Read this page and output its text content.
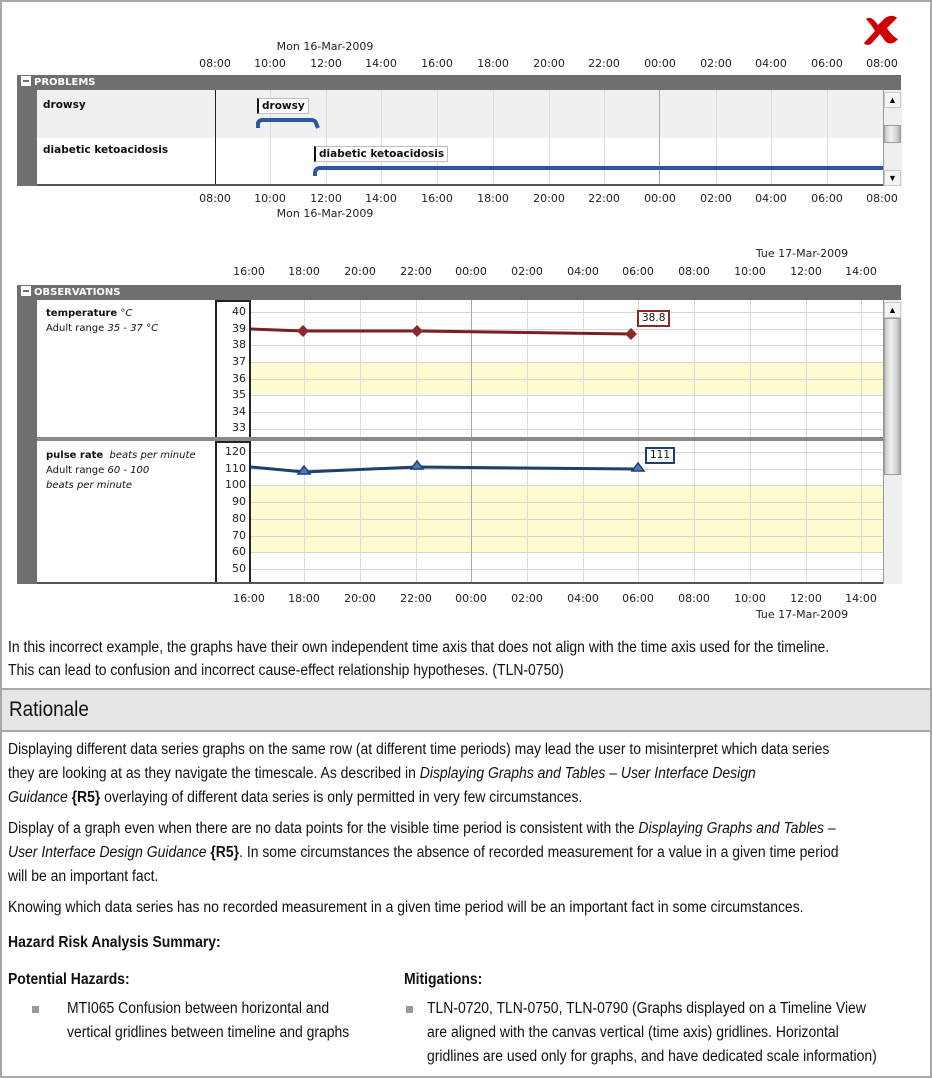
Mon 16-Mar-2009
08:00 10:00 12:00 14:00 16:00 18:00 20:00 22:00 00:00 02:00 04:00 06:00 08:00
PROBLEMS
drowsy
diabetic ketoacidosis
drowsy
diabetic ketoacidosis
▲
▼
08:00 10:00 12:00 14:00 16:00 18:00 20:00 22:00 00:00 02:00 04:00 06:00 08:00
Mon 16-Mar-2009
Tue 17-Mar-2009
16:00 18:00 20:00 22:00 00:00 02:00 04:00 06:00 08:00 10:00 12:00 14:00
OBSERVATIONS
40
39
38
37
36
35
34
33
120
110
100
90
80
70
60
50
temperature °C
Adult range 35 - 37 °C
pulse rate beats per minute
Adult range 60 - 100
beats per minute
38.8
111
▲
16:00 18:00 20:00 22:00 00:00 02:00 04:00 06:00 08:00 10:00 12:00 14:00
Tue 17-Mar-2009
In this incorrect example, the graphs have their own independent time axis that does not align with the time axis used for the timeline.
This can lead to confusion and incorrect cause-effect relationship hypotheses. (TLN-0750)
Rationale
Displaying different data series graphs on the same row (at different time periods) may lead the user to misinterpret which data series
they are looking at as they navigate the timescale. As described in Displaying Graphs and Tables – User Interface Design
Guidance {R5} overlaying of different data series is only permitted in very few circumstances.
Display of a graph even when there are no data points for the visible time period is consistent with the Displaying Graphs and Tables –
User Interface Design Guidance {R5}. In some circumstances the absence of recorded measurement for a value in a given time period
will be an important fact.
Knowing which data series has no recorded measurement in a given time period will be an important fact in some circumstances.
Hazard Risk Analysis Summary:
Potential Hazards:	Mitigations:
MTI065 Confusion between horizontal and
vertical gridlines between timeline and graphs
TLN-0720, TLN-0750, TLN-0790 (Graphs displayed on a Timeline View
are aligned with the canvas vertical (time axis) gridlines. Horizontal
gridlines are used only for graphs, and have dedicated scale information)
